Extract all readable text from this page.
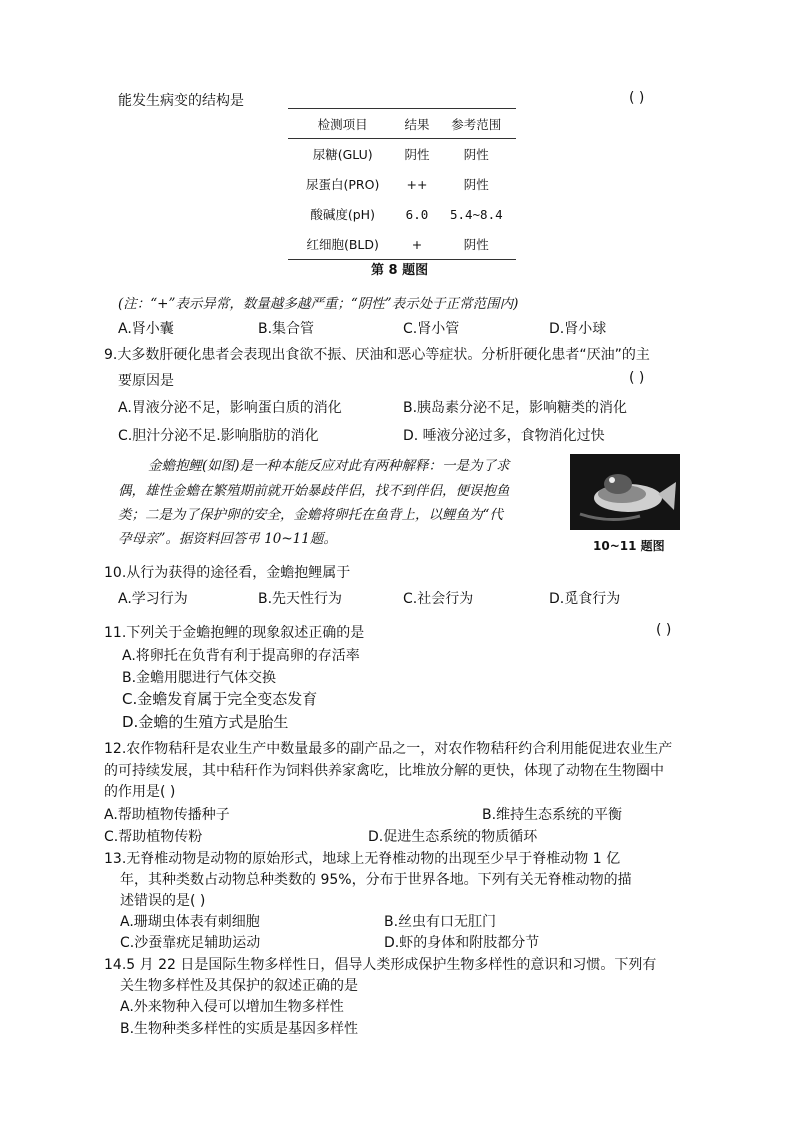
能发生病变的结构是	( )
检测项目	结果	参考范围
尿糖(GLU)	阴性	阴性
尿蛋白(PRO)	++	阴性
酸碱度(pH)	6.0	5.4~8.4
红细胞(BLD)	+	阴性
第 8 题图
(注：“+”表示异常，数量越多越严重；“阴性”表示处于正常范围内)
A.肾小囊	B.集合管	C.肾小管	D.肾小球
9.大多数肝硬化患者会表现出食欲不振、厌油和恶心等症状。分析肝硬化患者“厌油”的主
要原因是	( )
A.胃液分泌不足，影响蛋白质的消化	B.胰岛素分泌不足，影响糖类的消化
C.胆汁分泌不足.影响脂肪的消化	D. 唾液分泌过多，食物消化过快
金蟾抱鲤(如图)是一种本能反应对此有两种解释：一是为了求
偶，雄性金蟾在繁殖期前就开始暴歧伴侣，找不到伴侣，便误抱鱼
类；二是为了保护卵的安全，金蟾将卵托在鱼背上，以鲤鱼为“代
孕母亲”。据资料回答弔 10~11题。	10~11 题图
10.从行为获得的途径看，金蟾抱鲤属于
A.学习行为	B.先天性行为	C.社会行为	D.觅食行为
11.下列关于金蟾抱鲤的现象叙述正确的是	( )
A.将卵托在负背有利于提高卵的存活率
B.金蟾用腮进行气体交换
C.金蟾发育属于完全变态发育
D.金蟾的生殖方式是胎生
12.农作物秸秆是农业生产中数量最多的副产品之一，对农作物秸秆约合利用能促进农业生产
的可持续发展，其中秸秆作为饲料供养家禽吃，比堆放分解的更快，体现了动物在生物圈中
的作用是( )
A.帮助植物传播种子	B.维持生态系统的平衡
C.帮助植物传粉	D.促进生态系统的物质循环
13.无脊椎动物是动物的原始形式，地球上无脊椎动物的出现至少早于脊椎动物 1 亿
年，其种类数占动物总种类数的 95%，分布于世界各地。下列有关无脊椎动物的描
述错误的是( )
A.珊瑚虫体表有刺细胞	B.丝虫有口无肛门
C.沙蚕靠疣足辅助运动	D.虾的身体和附肢都分节
14.5 月 22 日是国际生物多样性日，倡导人类形成保护生物多样性的意识和习惯。下列有
关生物多样性及其保护的叙述正确的是
A.外来物种入侵可以增加生物多样性
B.生物种类多样性的实质是基因多样性
